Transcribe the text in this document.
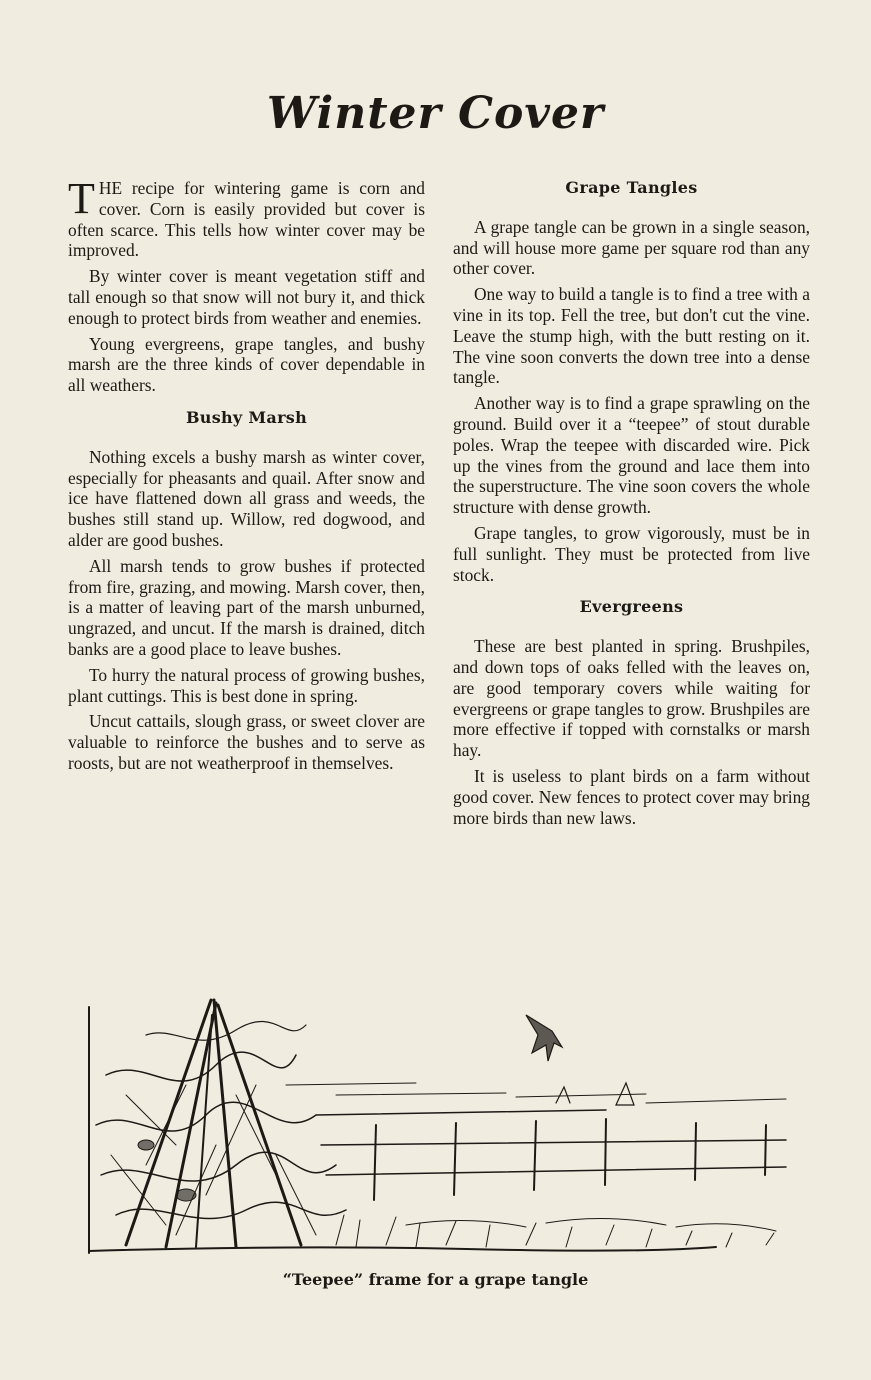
Winter Cover

THE recipe for wintering game is corn and cover. Corn is easily provided but cover is often scarce. This tells how winter cover may be improved.

By winter cover is meant vegetation stiff and tall enough so that snow will not bury it, and thick enough to protect birds from weather and enemies.

Young evergreens, grape tangles, and bushy marsh are the three kinds of cover dependable in all weathers.

Bushy Marsh

Nothing excels a bushy marsh as winter cover, especially for pheasants and quail. After snow and ice have flattened down all grass and weeds, the bushes still stand up. Willow, red dogwood, and alder are good bushes.

All marsh tends to grow bushes if protected from fire, grazing, and mowing. Marsh cover, then, is a matter of leaving part of the marsh unburned, ungrazed, and uncut. If the marsh is drained, ditch banks are a good place to leave bushes.

To hurry the natural process of growing bushes, plant cuttings. This is best done in spring.

Uncut cattails, slough grass, or sweet clover are valuable to reinforce the bushes and to serve as roosts, but are not weatherproof in themselves.

Grape Tangles

A grape tangle can be grown in a single season, and will house more game per square rod than any other cover.

One way to build a tangle is to find a tree with a vine in its top. Fell the tree, but don't cut the vine. Leave the stump high, with the butt resting on it. The vine soon converts the down tree into a dense tangle.

Another way is to find a grape sprawling on the ground. Build over it a “teepee” of stout durable poles. Wrap the teepee with discarded wire. Pick up the vines from the ground and lace them into the superstructure. The vine soon covers the whole structure with dense growth.

Grape tangles, to grow vigorously, must be in full sunlight. They must be protected from live stock.

Evergreens

These are best planted in spring. Brushpiles, and down tops of oaks felled with the leaves on, are good temporary covers while waiting for evergreens or grape tangles to grow. Brushpiles are more effective if topped with cornstalks or marsh hay.

It is useless to plant birds on a farm without good cover. New fences to protect cover may bring more birds than new laws.

“Teepee” frame for a grape tangle
